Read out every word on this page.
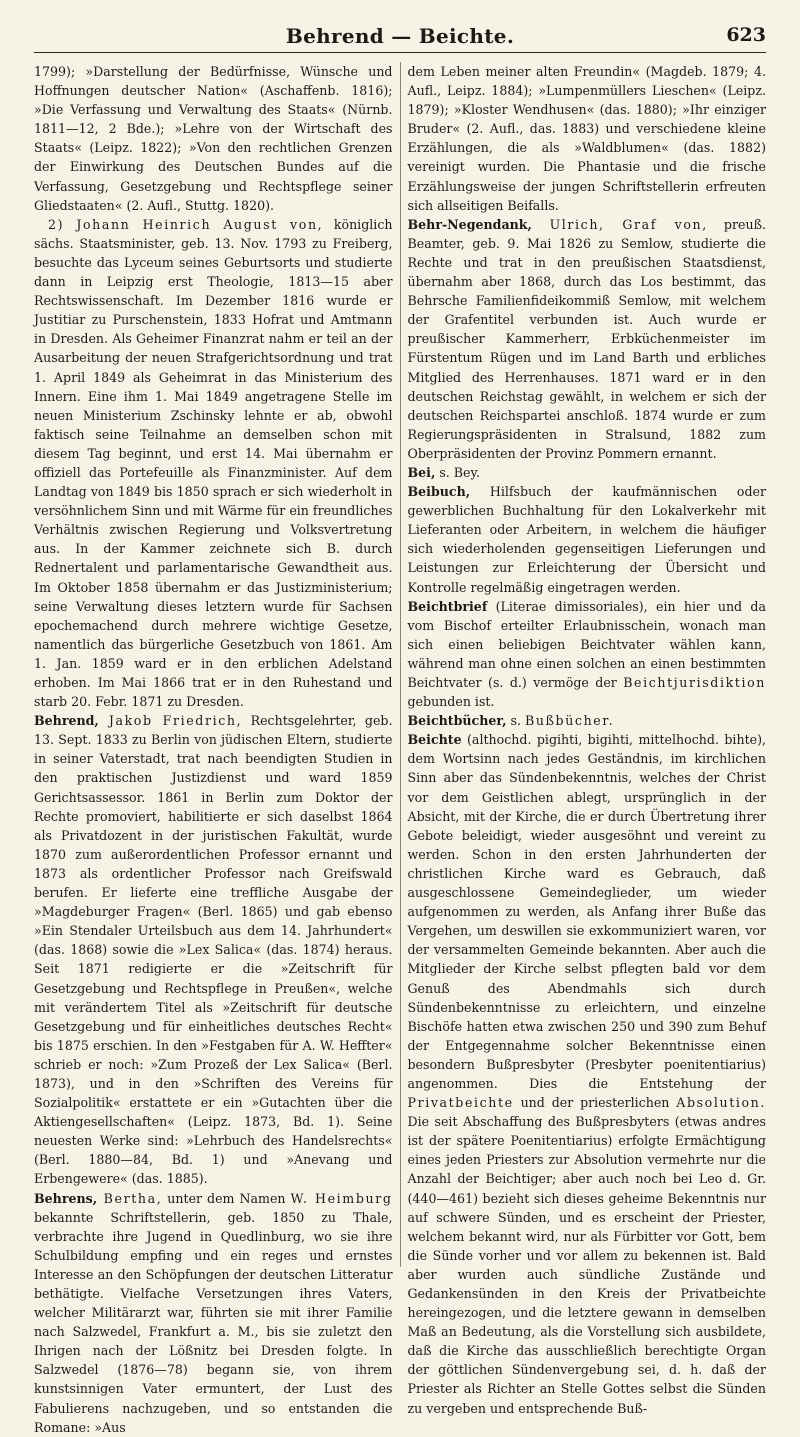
Behrend — Beichte.	623

1799); »Darstellung der Bedürfnisse, Wünsche und Hoffnungen deutscher Nation« (Aschaffenb. 1816); »Die Verfassung und Verwaltung des Staats« (Nürnb. 1811—12, 2 Bde.); »Lehre von der Wirtschaft des Staats« (Leipz. 1822); »Von den rechtlichen Grenzen der Einwirkung des Deutschen Bundes auf die Verfassung, Gesetzgebung und Rechtspflege seiner Gliedstaaten« (2. Aufl., Stuttg. 1820).

2) Johann Heinrich August von, königlich sächs. Staatsminister, geb. 13. Nov. 1793 zu Freiberg, besuchte das Lyceum seines Geburtsorts und studierte dann in Leipzig erst Theologie, 1813—15 aber Rechtswissenschaft. Im Dezember 1816 wurde er Justitiar zu Purschenstein, 1833 Hofrat und Amtmann in Dresden. Als Geheimer Finanzrat nahm er teil an der Ausarbeitung der neuen Strafgerichtsordnung und trat 1. April 1849 als Geheimrat in das Ministerium des Innern. Eine ihm 1. Mai 1849 angetragene Stelle im neuen Ministerium Zschinsky lehnte er ab, obwohl faktisch seine Teilnahme an demselben schon mit diesem Tag beginnt, und erst 14. Mai übernahm er offiziell das Portefeuille als Finanzminister. Auf dem Landtag von 1849 bis 1850 sprach er sich wiederholt in versöhnlichem Sinn und mit Wärme für ein freundliches Verhältnis zwischen Regierung und Volksvertretung aus. In der Kammer zeichnete sich B. durch Rednertalent und parlamentarische Gewandtheit aus. Im Oktober 1858 übernahm er das Justizministerium; seine Verwaltung dieses letztern wurde für Sachsen epochemachend durch mehrere wichtige Gesetze, namentlich das bürgerliche Gesetzbuch von 1861. Am 1. Jan. 1859 ward er in den erblichen Adelstand erhoben. Im Mai 1866 trat er in den Ruhestand und starb 20. Febr. 1871 zu Dresden.

Behrend, Jakob Friedrich, Rechtsgelehrter, geb. 13. Sept. 1833 zu Berlin von jüdischen Eltern, studierte in seiner Vaterstadt, trat nach beendigten Studien in den praktischen Justizdienst und ward 1859 Gerichtsassessor. 1861 in Berlin zum Doktor der Rechte promoviert, habilitierte er sich daselbst 1864 als Privatdozent in der juristischen Fakultät, wurde 1870 zum außerordentlichen Professor ernannt und 1873 als ordentlicher Professor nach Greifswald berufen. Er lieferte eine treffliche Ausgabe der »Magdeburger Fragen« (Berl. 1865) und gab ebenso »Ein Stendaler Urteilsbuch aus dem 14. Jahrhundert« (das. 1868) sowie die »Lex Salica« (das. 1874) heraus. Seit 1871 redigierte er die »Zeitschrift für Gesetzgebung und Rechtspflege in Preußen«, welche mit verändertem Titel als »Zeitschrift für deutsche Gesetzgebung und für einheitliches deutsches Recht« bis 1875 erschien. In den »Festgaben für A. W. Heffter« schrieb er noch: »Zum Prozeß der Lex Salica« (Berl. 1873), und in den »Schriften des Vereins für Sozialpolitik« erstattete er ein »Gutachten über die Aktiengesellschaften« (Leipz. 1873, Bd. 1). Seine neuesten Werke sind: »Lehrbuch des Handelsrechts« (Berl. 1880—84, Bd. 1) und »Anevang und Erbengewere« (das. 1885).

Behrens, Bertha, unter dem Namen W. Heimburg bekannte Schriftstellerin, geb. 1850 zu Thale, verbrachte ihre Jugend in Quedlinburg, wo sie ihre Schulbildung empfing und ein reges und ernstes Interesse an den Schöpfungen der deutschen Litteratur bethätigte. Vielfache Versetzungen ihres Vaters, welcher Militärarzt war, führten sie mit ihrer Familie nach Salzwedel, Frankfurt a. M., bis sie zuletzt den Ihrigen nach der Lößnitz bei Dresden folgte. In Salzwedel (1876—78) begann sie, von ihrem kunstsinnigen Vater ermuntert, der Lust des Fabulierens nachzugeben, und so entstanden die Romane: »Aus

dem Leben meiner alten Freundin« (Magdeb. 1879; 4. Aufl., Leipz. 1884); »Lumpenmüllers Lieschen« (Leipz. 1879); »Kloster Wendhusen« (das. 1880); »Ihr einziger Bruder« (2. Aufl., das. 1883) und verschiedene kleine Erzählungen, die als »Waldblumen« (das. 1882) vereinigt wurden. Die Phantasie und die frische Erzählungsweise der jungen Schriftstellerin erfreuten sich allseitigen Beifalls.

Behr-Negendank, Ulrich, Graf von, preuß. Beamter, geb. 9. Mai 1826 zu Semlow, studierte die Rechte und trat in den preußischen Staatsdienst, übernahm aber 1868, durch das Los bestimmt, das Behrsche Familienfideikommiß Semlow, mit welchem der Grafentitel verbunden ist. Auch wurde er preußischer Kammerherr, Erbküchenmeister im Fürstentum Rügen und im Land Barth und erbliches Mitglied des Herrenhauses. 1871 ward er in den deutschen Reichstag gewählt, in welchem er sich der deutschen Reichspartei anschloß. 1874 wurde er zum Regierungspräsidenten in Stralsund, 1882 zum Oberpräsidenten der Provinz Pommern ernannt.

Bei, s. Bey.

Beibuch, Hilfsbuch der kaufmännischen oder gewerblichen Buchhaltung für den Lokalverkehr mit Lieferanten oder Arbeitern, in welchem die häufiger sich wiederholenden gegenseitigen Lieferungen und Leistungen zur Erleichterung der Übersicht und Kontrolle regelmäßig eingetragen werden.

Beichtbrief (Literae dimissoriales), ein hier und da vom Bischof erteilter Erlaubnisschein, wonach man sich einen beliebigen Beichtvater wählen kann, während man ohne einen solchen an einen bestimmten Beichtvater (s. d.) vermöge der Beichtjurisdiktion gebunden ist.

Beichtbücher, s. Bußbücher.

Beichte (althochd. pigihti, bigihti, mittelhochd. bihte), dem Wortsinn nach jedes Geständnis, im kirchlichen Sinn aber das Sündenbekenntnis, welches der Christ vor dem Geistlichen ablegt, ursprünglich in der Absicht, mit der Kirche, die er durch Übertretung ihrer Gebote beleidigt, wieder ausgesöhnt und vereint zu werden. Schon in den ersten Jahrhunderten der christlichen Kirche ward es Gebrauch, daß ausgeschlossene Gemeindeglieder, um wieder aufgenommen zu werden, als Anfang ihrer Buße das Vergehen, um deswillen sie exkommuniziert waren, vor der versammelten Gemeinde bekannten. Aber auch die Mitglieder der Kirche selbst pflegten bald vor dem Genuß des Abendmahls sich durch Sündenbekenntnisse zu erleichtern, und einzelne Bischöfe hatten etwa zwischen 250 und 390 zum Behuf der Entgegennahme solcher Bekenntnisse einen besondern Bußpresbyter (Presbyter poenitentiarius) angenommen. Dies die Entstehung der Privatbeichte und der priesterlichen Absolution. Die seit Abschaffung des Bußpresbyters (etwas andres ist der spätere Poenitentiarius) erfolgte Ermächtigung eines jeden Priesters zur Absolution vermehrte nur die Anzahl der Beichtiger; aber auch noch bei Leo d. Gr. (440—461) bezieht sich dieses geheime Bekenntnis nur auf schwere Sünden, und es erscheint der Priester, welchem bekannt wird, nur als Fürbitter vor Gott, bem die Sünde vorher und vor allem zu bekennen ist. Bald aber wurden auch sündliche Zustände und Gedankensünden in den Kreis der Privatbeichte hereingezogen, und die letztere gewann in demselben Maß an Bedeutung, als die Vorstellung sich ausbildete, daß die Kirche das ausschließlich berechtigte Organ der göttlichen Sündenvergebung sei, d. h. daß der Priester als Richter an Stelle Gottes selbst die Sünden zu vergeben und entsprechende Buß-
